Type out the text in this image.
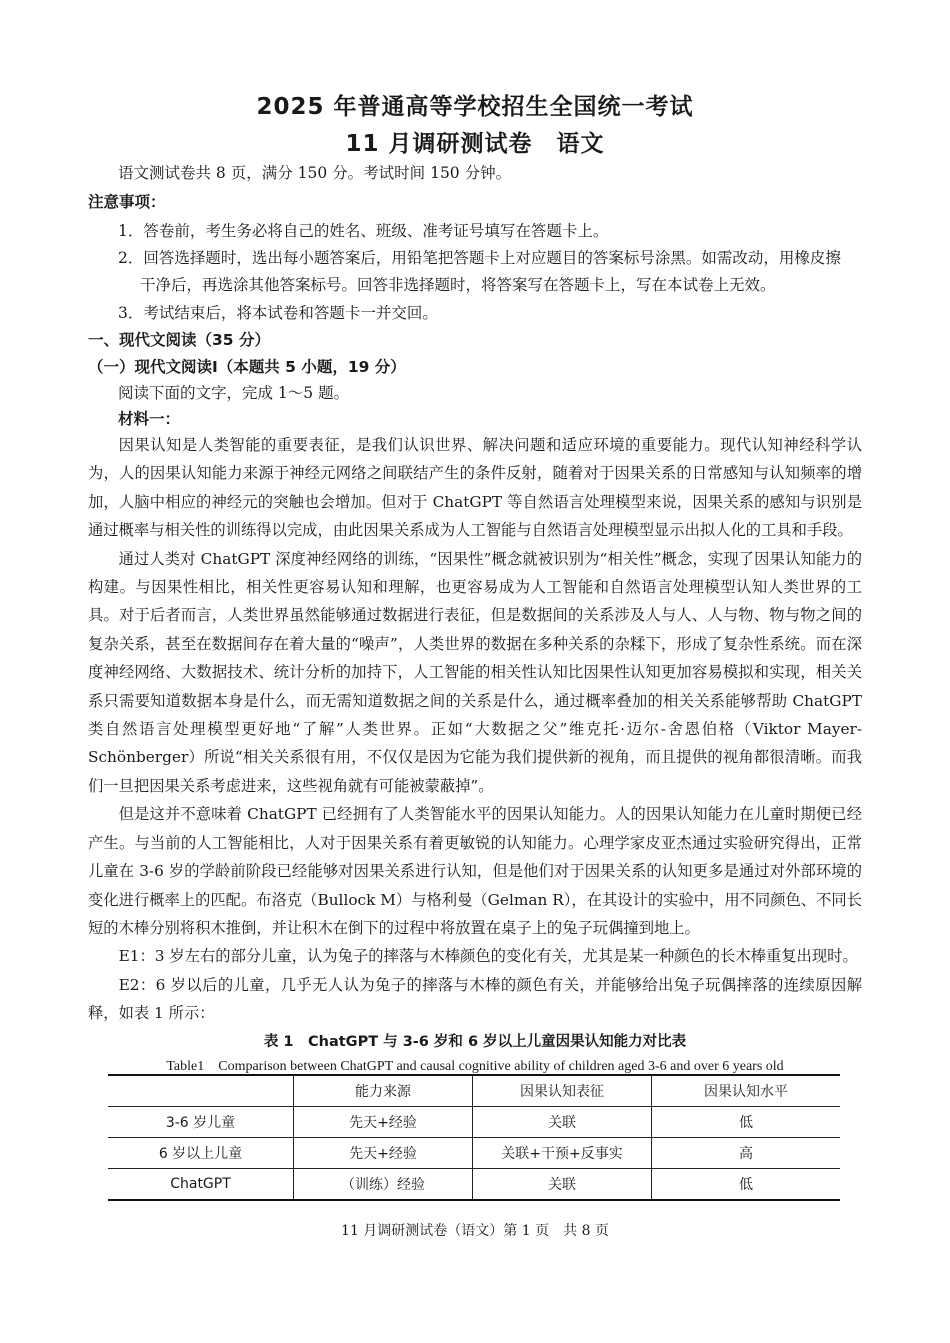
2025 年普通高等学校招生全国统一考试
11 月调研测试卷　语文
语文测试卷共 8 页，满分 150 分。考试时间 150 分钟。
注意事项：
1．答卷前，考生务必将自己的姓名、班级、准考证号填写在答题卡上。
2．回答选择题时，选出每小题答案后，用铅笔把答题卡上对应题目的答案标号涂黑。如需改动，用橡皮擦
干净后，再选涂其他答案标号。回答非选择题时，将答案写在答题卡上，写在本试卷上无效。
3．考试结束后，将本试卷和答题卡一并交回。
一、现代文阅读（35 分）
（一）现代文阅读Ⅰ（本题共 5 小题，19 分）
阅读下面的文字，完成 1～5 题。
材料一：

因果认知是人类智能的重要表征，是我们认识世界、解决问题和适应环境的重要能力。现代认知神经科学认为，人的因果认知能力来源于神经元网络之间联结产生的条件反射，随着对于因果关系的日常感知与认知频率的增加，人脑中相应的神经元的突触也会增加。但对于 ChatGPT 等自然语言处理模型来说，因果关系的感知与识别是通过概率与相关性的训练得以完成，由此因果关系成为人工智能与自然语言处理模型显示出拟人化的工具和手段。

通过人类对 ChatGPT 深度神经网络的训练，“因果性”概念就被识别为“相关性”概念，实现了因果认知能力的构建。与因果性相比，相关性更容易认知和理解，也更容易成为人工智能和自然语言处理模型认知人类世界的工具。对于后者而言，人类世界虽然能够通过数据进行表征，但是数据间的关系涉及人与人、人与物、物与物之间的复杂关系，甚至在数据间存在着大量的“噪声”，人类世界的数据在多种关系的杂糅下，形成了复杂性系统。而在深度神经网络、大数据技术、统计分析的加持下，人工智能的相关性认知比因果性认知更加容易模拟和实现，相关关系只需要知道数据本身是什么，而无需知道数据之间的关系是什么，通过概率叠加的相关关系能够帮助 ChatGPT 类自然语言处理模型更好地“了解”人类世界。正如“大数据之父”维克托·迈尔-舍恩伯格（Viktor Mayer-Schönberger）所说“相关关系很有用，不仅仅是因为它能为我们提供新的视角，而且提供的视角都很清晰。而我们一旦把因果关系考虑进来，这些视角就有可能被蒙蔽掉”。

但是这并不意味着 ChatGPT 已经拥有了人类智能水平的因果认知能力。人的因果认知能力在儿童时期便已经产生。与当前的人工智能相比，人对于因果关系有着更敏锐的认知能力。心理学家皮亚杰通过实验研究得出，正常儿童在 3-6 岁的学龄前阶段已经能够对因果关系进行认知，但是他们对于因果关系的认知更多是通过对外部环境的变化进行概率上的匹配。布洛克（Bullock M）与格利曼（Gelman R），在其设计的实验中，用不同颜色、不同长短的木棒分别将积木推倒，并让积木在倒下的过程中将放置在桌子上的兔子玩偶撞到地上。

E1：3 岁左右的部分儿童，认为兔子的摔落与木棒颜色的变化有关，尤其是某一种颜色的长木棒重复出现时。

E2：6 岁以后的儿童，几乎无人认为兔子的摔落与木棒的颜色有关，并能够给出兔子玩偶摔落的连续原因解释，如表 1 所示：

表 1　ChatGPT 与 3-6 岁和 6 岁以上儿童因果认知能力对比表
Table1　Comparison between ChatGPT and causal cognitive ability of children aged 3-6 and over 6 years old
	能力来源	因果认知表征	因果认知水平
3-6 岁儿童	先天+经验	关联	低
6 岁以上儿童	先天+经验	关联+干预+反事实	高
ChatGPT	（训练）经验	关联	低
11 月调研测试卷（语文）第 1 页　共 8 页
